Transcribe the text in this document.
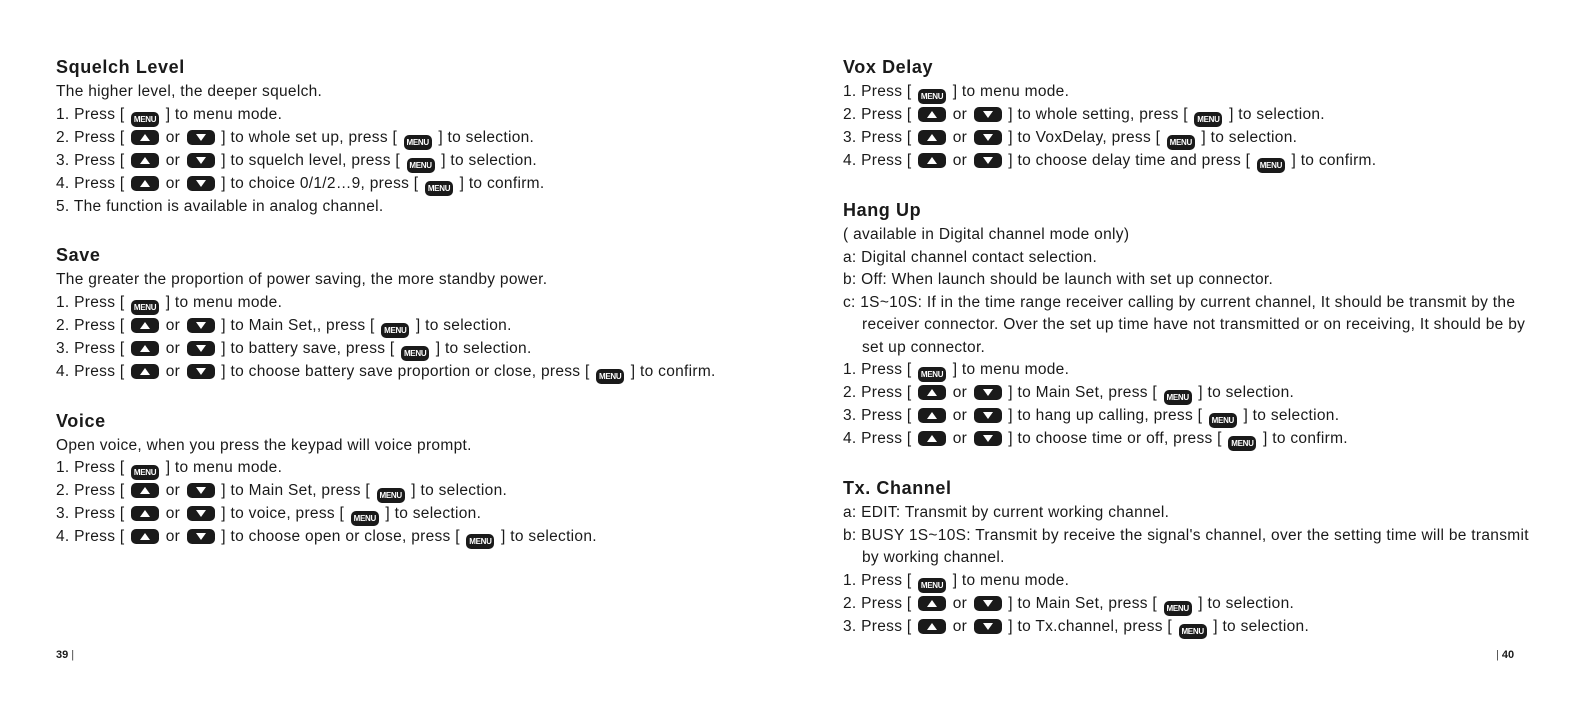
Squelch Level
The higher level, the deeper squelch.
1. Press [ MENU ] to menu mode.
2. Press [	or	] to whole set up, press [ MENU ] to selection.
3. Press [	or	] to squelch level, press [ MENU ] to selection.
4. Press [	or	] to choice 0/1/2…9, press [ MENU ] to confirm.
5. The function is available in analog channel.
Save
The greater the proportion of power saving, the more standby power.
1. Press [ MENU ] to menu mode.
2. Press [	or	] to Main Set,, press [ MENU ] to selection.
3. Press [	or	] to battery save, press [ MENU ] to selection.
4. Press [	or	] to choose battery save proportion or close, press [ MENU ] to confirm.
Voice
Open voice, when you press the keypad will voice prompt.
1. Press [ MENU ] to menu mode.
2. Press [	or	] to Main Set, press [ MENU ] to selection.
3. Press [	or	] to voice, press [ MENU ] to selection.
4. Press [	or	] to choose open or close, press [ MENU ] to selection.
Vox Delay
1. Press [ MENU ] to menu mode.
2. Press [	or	] to whole setting, press [ MENU ] to selection.
3. Press [	or	] to VoxDelay, press [ MENU ] to selection.
4. Press [	or	] to choose delay time and press [ MENU ] to confirm.
Hang Up
( available in Digital channel mode only)
a: Digital channel contact selection.
b: Off: When launch should be launch with set up connector.
c: 1S~10S: If in the time range receiver calling by current channel, It should be transmit by the receiver connector. Over the set up time have not transmitted or on receiving, It should be by set up connector.
1. Press [ MENU ] to menu mode.
2. Press [	or	] to Main Set, press [ MENU ] to selection.
3. Press [	or	] to hang up calling, press [ MENU ] to selection.
4. Press [	or	] to choose time or off, press [ MENU ] to confirm.
Tx. Channel
a: EDIT: Transmit by current working channel.
b: BUSY 1S~10S: Transmit by receive the signal's channel, over the setting time will be transmit by working channel.
1. Press [ MENU ] to menu mode.
2. Press [	or	] to Main Set, press [ MENU ] to selection.
3. Press [	or	] to Tx.channel, press [ MENU ] to selection.
39 |	| 40
